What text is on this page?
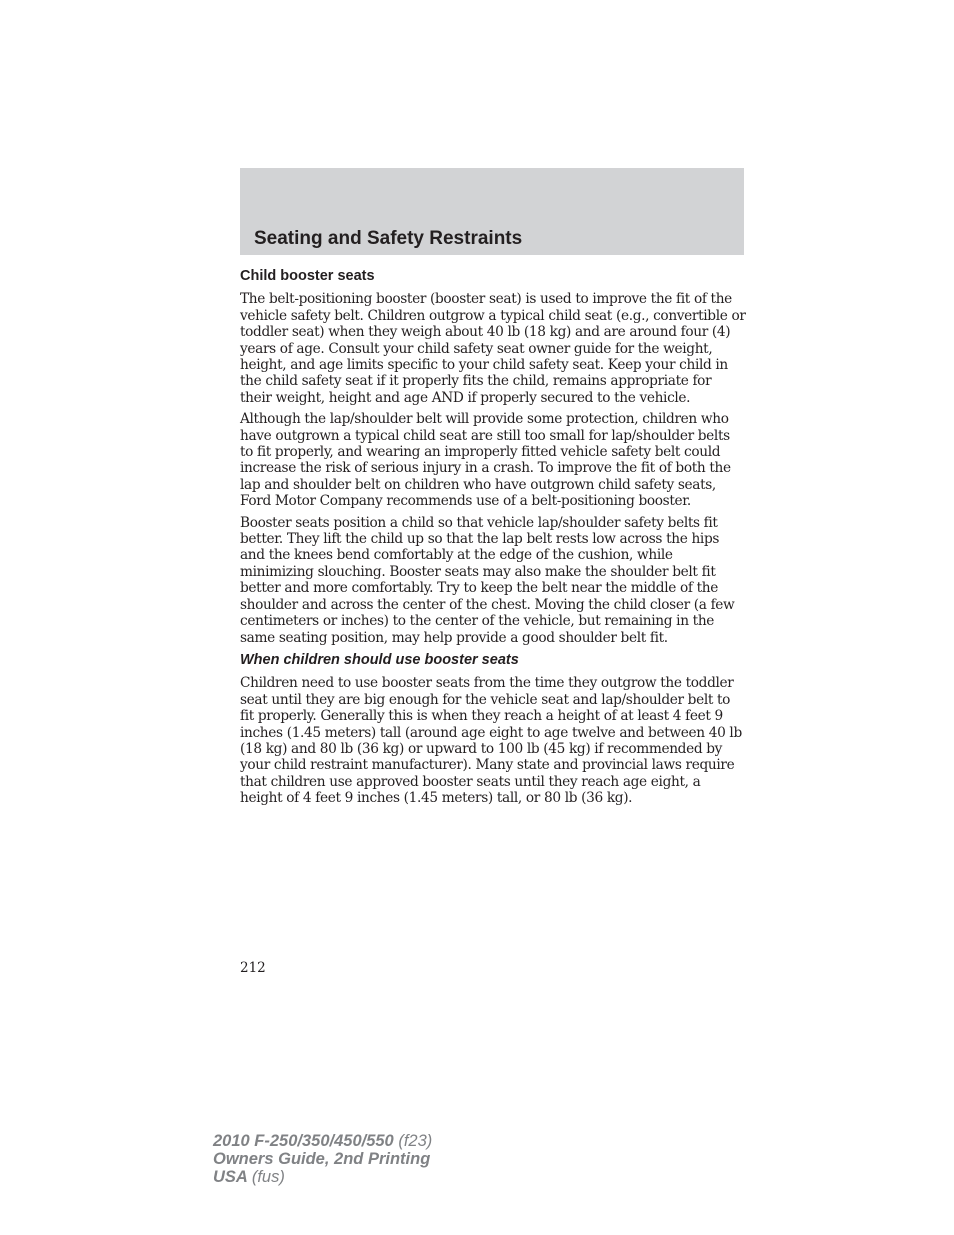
Seating and Safety Restraints
Child booster seats

The belt-positioning booster (booster seat) is used to improve the fit of the vehicle safety belt. Children outgrow a typical child seat (e.g., convertible or toddler seat) when they weigh about 40 lb (18 kg) and are around four (4) years of age. Consult your child safety seat owner guide for the weight, height, and age limits specific to your child safety seat. Keep your child in the child safety seat if it properly fits the child, remains appropriate for their weight, height and age AND if properly secured to the vehicle.

Although the lap/shoulder belt will provide some protection, children who have outgrown a typical child seat are still too small for lap/shoulder belts to fit properly, and wearing an improperly fitted vehicle safety belt could increase the risk of serious injury in a crash. To improve the fit of both the lap and shoulder belt on children who have outgrown child safety seats, Ford Motor Company recommends use of a belt-positioning booster.

Booster seats position a child so that vehicle lap/shoulder safety belts fit better. They lift the child up so that the lap belt rests low across the hips and the knees bend comfortably at the edge of the cushion, while minimizing slouching. Booster seats may also make the shoulder belt fit better and more comfortably. Try to keep the belt near the middle of the shoulder and across the center of the chest. Moving the child closer (a few centimeters or inches) to the center of the vehicle, but remaining in the same seating position, may help provide a good shoulder belt fit.

When children should use booster seats

Children need to use booster seats from the time they outgrow the toddler seat until they are big enough for the vehicle seat and lap/shoulder belt to fit properly. Generally this is when they reach a height of at least 4 feet 9 inches (1.45 meters) tall (around age eight to age twelve and between 40 lb (18 kg) and 80 lb (36 kg) or upward to 100 lb (45 kg) if recommended by your child restraint manufacturer). Many state and provincial laws require that children use approved booster seats until they reach age eight, a height of 4 feet 9 inches (1.45 meters) tall, or 80 lb (36 kg).

212
2010 F-250/350/450/550 (f23)
Owners Guide, 2nd Printing
USA (fus)
